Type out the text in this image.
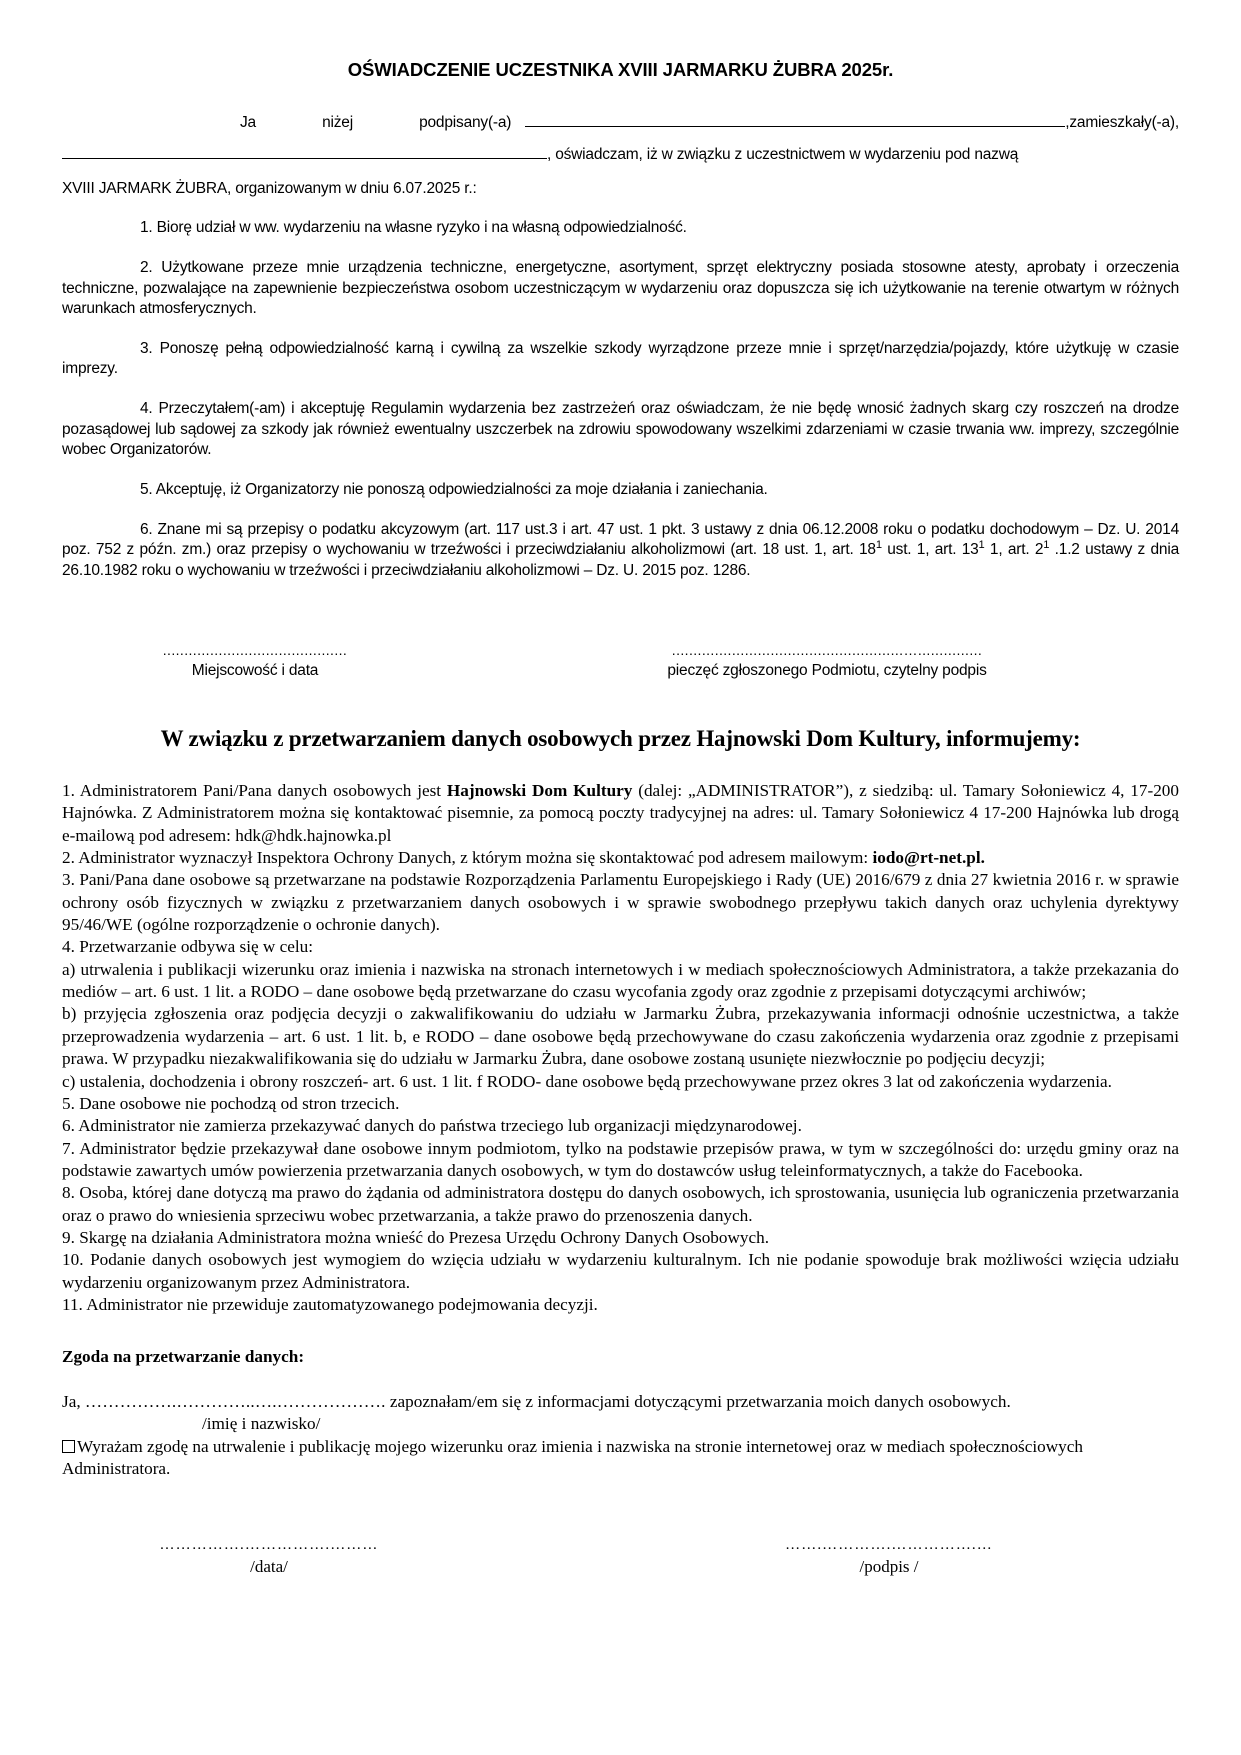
OŚWIADCZENIE UCZESTNIKA XVIII JARMARKU ŻUBRA 2025r.
Ja	niżej	podpisany(-a)	, zamieszkały(-a),
, oświadczam, iż w związku z uczestnictwem w wydarzeniu pod nazwą
XVIII JARMARK ŻUBRA, organizowanym w dniu 6.07.2025 r.:
1. Biorę udział w ww. wydarzeniu na własne ryzyko i na własną odpowiedzialność.
2. Użytkowane przeze mnie urządzenia techniczne, energetyczne, asortyment, sprzęt elektryczny posiada stosowne atesty, aprobaty i orzeczenia techniczne, pozwalające na zapewnienie bezpieczeństwa osobom uczestniczącym w wydarzeniu oraz dopuszcza się ich użytkowanie na terenie otwartym w różnych warunkach atmosferycznych.
3. Ponoszę pełną odpowiedzialność karną i cywilną za wszelkie szkody wyrządzone przeze mnie i sprzęt/narzędzia/pojazdy, które użytkuję w czasie imprezy.
4. Przeczytałem(-am) i akceptuję Regulamin wydarzenia bez zastrzeżeń oraz oświadczam, że nie będę wnosić żadnych skarg czy roszczeń na drodze pozasądowej lub sądowej za szkody jak również ewentualny uszczerbek na zdrowiu spowodowany wszelkimi zdarzeniami w czasie trwania ww. imprezy, szczególnie wobec Organizatorów.
5. Akceptuję, iż Organizatorzy nie ponoszą odpowiedzialności za moje działania i zaniechania.
6. Znane mi są przepisy o podatku akcyzowym (art. 117 ust.3 i art. 47 ust. 1 pkt. 3 ustawy z dnia 06.12.2008 roku o podatku dochodowym – Dz. U. 2014 poz. 752 z późn. zm.) oraz przepisy o wychowaniu w trzeźwości i przeciwdziałaniu alkoholizmowi (art. 18 ust. 1, art. $18^1$ ust. 1, art. $13^1$ 1, art. $2^1$ .1.2 ustawy z dnia 26.10.1982 roku o wychowaniu w trzeźwości i przeciwdziałaniu alkoholizmowi – Dz. U. 2015 poz. 1286.
...........................................
Miejscowość i data
......................................................…...............
pieczęć zgłoszonego Podmiotu, czytelny podpis
W związku z przetwarzaniem danych osobowych przez Hajnowski Dom Kultury, informujemy:

1. Administratorem Pani/Pana danych osobowych jest Hajnowski Dom Kultury (dalej: „ADMINISTRATOR”), z siedzibą: ul. Tamary Sołoniewicz 4, 17-200 Hajnówka. Z Administratorem można się kontaktować pisemnie, za pomocą poczty tradycyjnej na adres: ul. Tamary Sołoniewicz 4 17-200 Hajnówka lub drogą e-mailową pod adresem: hdk@hdk.hajnowka.pl

2. Administrator wyznaczył Inspektora Ochrony Danych, z którym można się skontaktować pod adresem mailowym: iodo@rt-net.pl.

3. Pani/Pana dane osobowe są przetwarzane na podstawie Rozporządzenia Parlamentu Europejskiego i Rady (UE) 2016/679 z dnia 27 kwietnia 2016 r. w sprawie ochrony osób fizycznych w związku z przetwarzaniem danych osobowych i w sprawie swobodnego przepływu takich danych oraz uchylenia dyrektywy 95/46/WE (ogólne rozporządzenie o ochronie danych).

4. Przetwarzanie odbywa się w celu:

a) utrwalenia i publikacji wizerunku oraz imienia i nazwiska na stronach internetowych i w mediach społecznościowych Administratora, a także przekazania do mediów – art. 6 ust. 1 lit. a RODO – dane osobowe będą przetwarzane do czasu wycofania zgody oraz zgodnie z przepisami dotyczącymi archiwów;

b) przyjęcia zgłoszenia oraz podjęcia decyzji o zakwalifikowaniu do udziału w Jarmarku Żubra, przekazywania informacji odnośnie uczestnictwa, a także przeprowadzenia wydarzenia – art. 6 ust. 1 lit. b, e RODO – dane osobowe będą przechowywane do czasu zakończenia wydarzenia oraz zgodnie z przepisami prawa. W przypadku niezakwalifikowania się do udziału w Jarmarku Żubra, dane osobowe zostaną usunięte niezwłocznie po podjęciu decyzji;

c) ustalenia, dochodzenia i obrony roszczeń- art. 6 ust. 1 lit. f RODO- dane osobowe będą przechowywane przez okres 3 lat od zakończenia wydarzenia.

5. Dane osobowe nie pochodzą od stron trzecich.

6. Administrator nie zamierza przekazywać danych do państwa trzeciego lub organizacji międzynarodowej.

7. Administrator będzie przekazywał dane osobowe innym podmiotom, tylko na podstawie przepisów prawa, w tym w szczególności do: urzędu gminy oraz na podstawie zawartych umów powierzenia przetwarzania danych osobowych, w tym do dostawców usług teleinformatycznych, a także do Facebooka.

8. Osoba, której dane dotyczą ma prawo do żądania od administratora dostępu do danych osobowych, ich sprostowania, usunięcia lub ograniczenia przetwarzania oraz o prawo do wniesienia sprzeciwu wobec przetwarzania, a także prawo do przenoszenia danych.

9. Skargę na działania Administratora można wnieść do Prezesa Urzędu Ochrony Danych Osobowych.

10. Podanie danych osobowych jest wymogiem do wzięcia udziału w wydarzeniu kulturalnym. Ich nie podanie spowoduje brak możliwości wzięcia udziału wydarzeniu organizowanym przez Administratora.

11. Administrator nie przewiduje zautomatyzowanego podejmowania decyzji.

Zgoda na przetwarzanie danych:
Ja, …………….…………..….………………. zapoznałam/em się z informacjami dotyczącymi przetwarzania moich danych osobowych.
/imię i nazwisko/
Wyrażam zgodę na utrwalenie i publikację mojego wizerunku oraz imienia i nazwiska na stronie internetowej oraz w mediach społecznościowych Administratora.
…………….…………….………
/data/
…….………….…………….…
/podpis /
